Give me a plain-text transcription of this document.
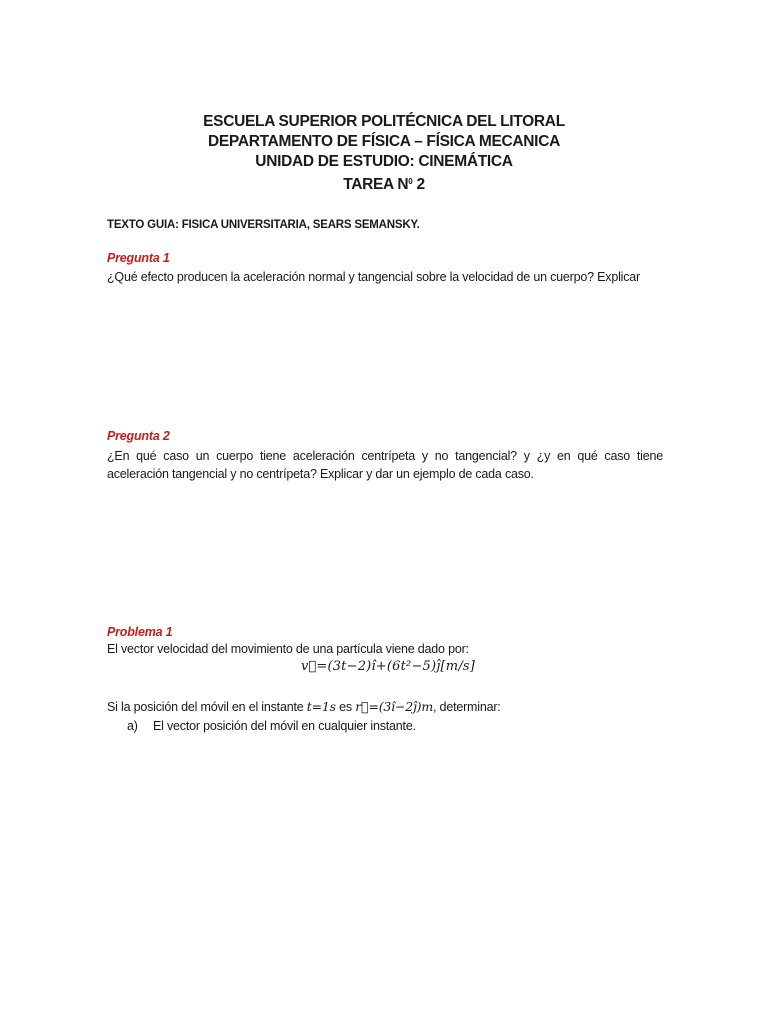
ESCUELA SUPERIOR POLITÉCNICA DEL LITORAL
DEPARTAMENTO DE FÍSICA – FÍSICA MECANICA
UNIDAD DE ESTUDIO: CINEMÁTICA
TAREA $N^0$ 2
TEXTO GUIA: FISICA UNIVERSITARIA, SEARS SEMANSKY.
Pregunta 1
¿Qué efecto producen la aceleración normal y tangencial sobre la velocidad de un cuerpo? Explicar
Pregunta 2
¿En qué caso un cuerpo tiene aceleración centrípeta y no tangencial? y ¿y en qué caso tiene aceleración tangencial y no centrípeta? Explicar y dar un ejemplo de cada caso.
Problema 1
El vector velocidad del movimiento de una partícula viene dado por:
v⃗=(3t−2)î+(6t²−5)ĵ[m/s]
Si la posición del móvil en el instante t=1s es r⃗=(3î−2ĵ)m, determinar:
a) El vector posición del móvil en cualquier instante.
